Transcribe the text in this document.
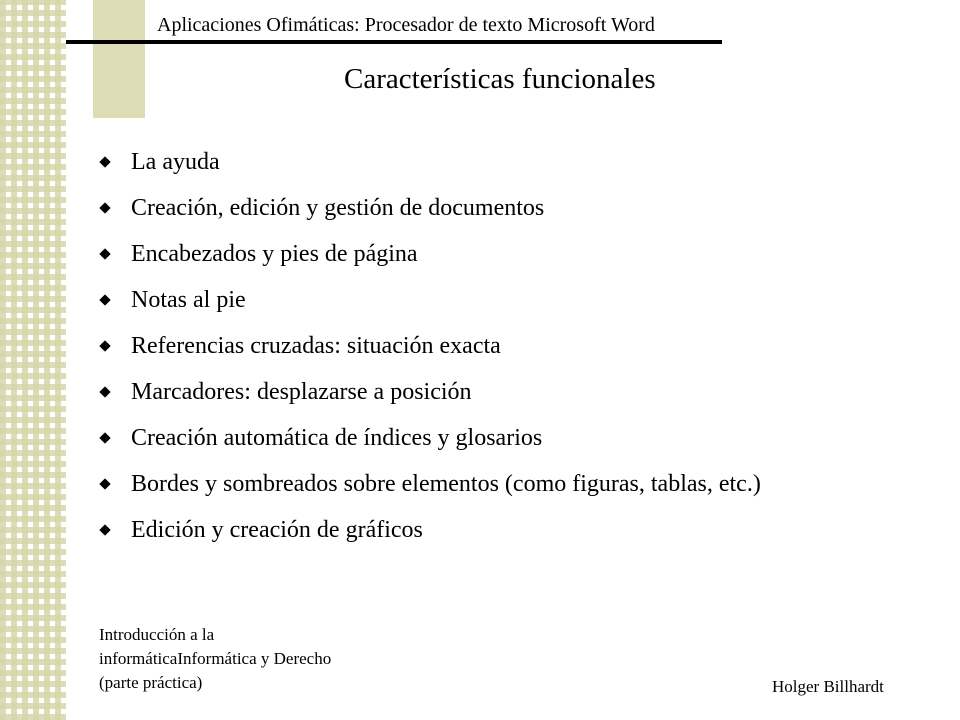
Aplicaciones Ofimáticas: Procesador de texto Microsoft Word
Características funcionales
La ayuda
Creación, edición y gestión de documentos
Encabezados y pies de página
Notas al pie
Referencias cruzadas: situación exacta
Marcadores: desplazarse a posición
Creación automática de índices y glosarios
Bordes y sombreados sobre elementos (como figuras, tablas, etc.)
Edición y creación de gráficos
Introducción a la
informáticaInformática y Derecho
(parte práctica)	Holger Billhardt
